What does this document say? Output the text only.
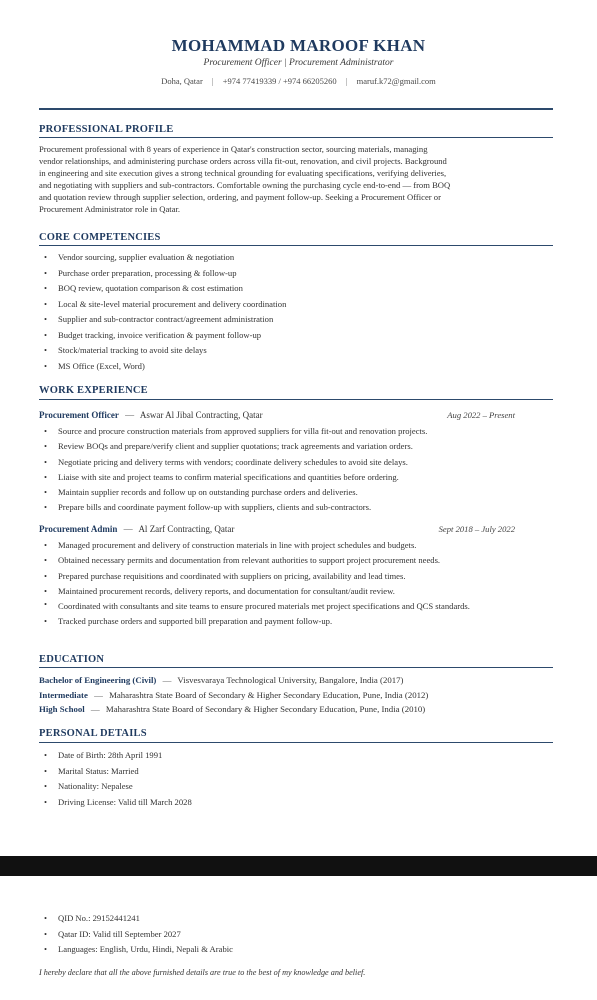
MOHAMMAD MAROOF KHAN
Procurement Officer | Procurement Administrator
Doha, Qatar | +974 77419339 / +974 66205260 | maruf.k72@gmail.com
PROFESSIONAL PROFILE
Procurement professional with 8 years of experience in Qatar's construction sector, sourcing materials, managing
vendor relationships, and administering purchase orders across villa fit-out, renovation, and civil projects. Background
in engineering and site execution gives a strong technical grounding for evaluating specifications, verifying deliveries,
and negotiating with suppliers and sub-contractors. Comfortable owning the purchasing cycle end-to-end — from BOQ
and quotation review through supplier selection, ordering, and payment follow-up. Seeking a Procurement Officer or
Procurement Administrator role in Qatar.
CORE COMPETENCIES
• Vendor sourcing, supplier evaluation & negotiation
• Purchase order preparation, processing & follow-up
• BOQ review, quotation comparison & cost estimation
• Local & site-level material procurement and delivery coordination
• Supplier and sub-contractor contract/agreement administration
• Budget tracking, invoice verification & payment follow-up
• Stock/material tracking to avoid site delays
• MS Office (Excel, Word)
WORK EXPERIENCE
Procurement Officer — Aswar Al Jibal Contracting, Qatar	Aug 2022 – Present
• Source and procure construction materials from approved suppliers for villa fit-out and renovation projects.
• Review BOQs and prepare/verify client and supplier quotations; track agreements and variation orders.
• Negotiate pricing and delivery terms with vendors; coordinate delivery schedules to avoid site delays.
• Liaise with site and project teams to confirm material specifications and quantities before ordering.
• Maintain supplier records and follow up on outstanding purchase orders and deliveries.
• Prepare bills and coordinate payment follow-up with suppliers, clients and sub-contractors.
Procurement Admin — Al Zarf Contracting, Qatar	Sept 2018 – July 2022
• Managed procurement and delivery of construction materials in line with project schedules and budgets.
• Obtained necessary permits and documentation from relevant authorities to support project procurement needs.
• Prepared purchase requisitions and coordinated with suppliers on pricing, availability and lead times.
• Maintained procurement records, delivery reports, and documentation for consultant/audit review.
• Coordinated with consultants and site teams to ensure procured materials met project specifications and QCS standards.
• Tracked purchase orders and supported bill preparation and payment follow-up.
EDUCATION
Bachelor of Engineering (Civil) — Visvesvaraya Technological University, Bangalore, India (2017)
Intermediate — Maharashtra State Board of Secondary & Higher Secondary Education, Pune, India (2012)
High School — Maharashtra State Board of Secondary & Higher Secondary Education, Pune, India (2010)
PERSONAL DETAILS
• Date of Birth: 28th April 1991
• Marital Status: Married
• Nationality: Nepalese
• Driving License: Valid till March 2028
• QID No.: 29152441241
• Qatar ID: Valid till September 2027
• Languages: English, Urdu, Hindi, Nepali & Arabic
I hereby declare that all the above furnished details are true to the best of my knowledge and belief.
